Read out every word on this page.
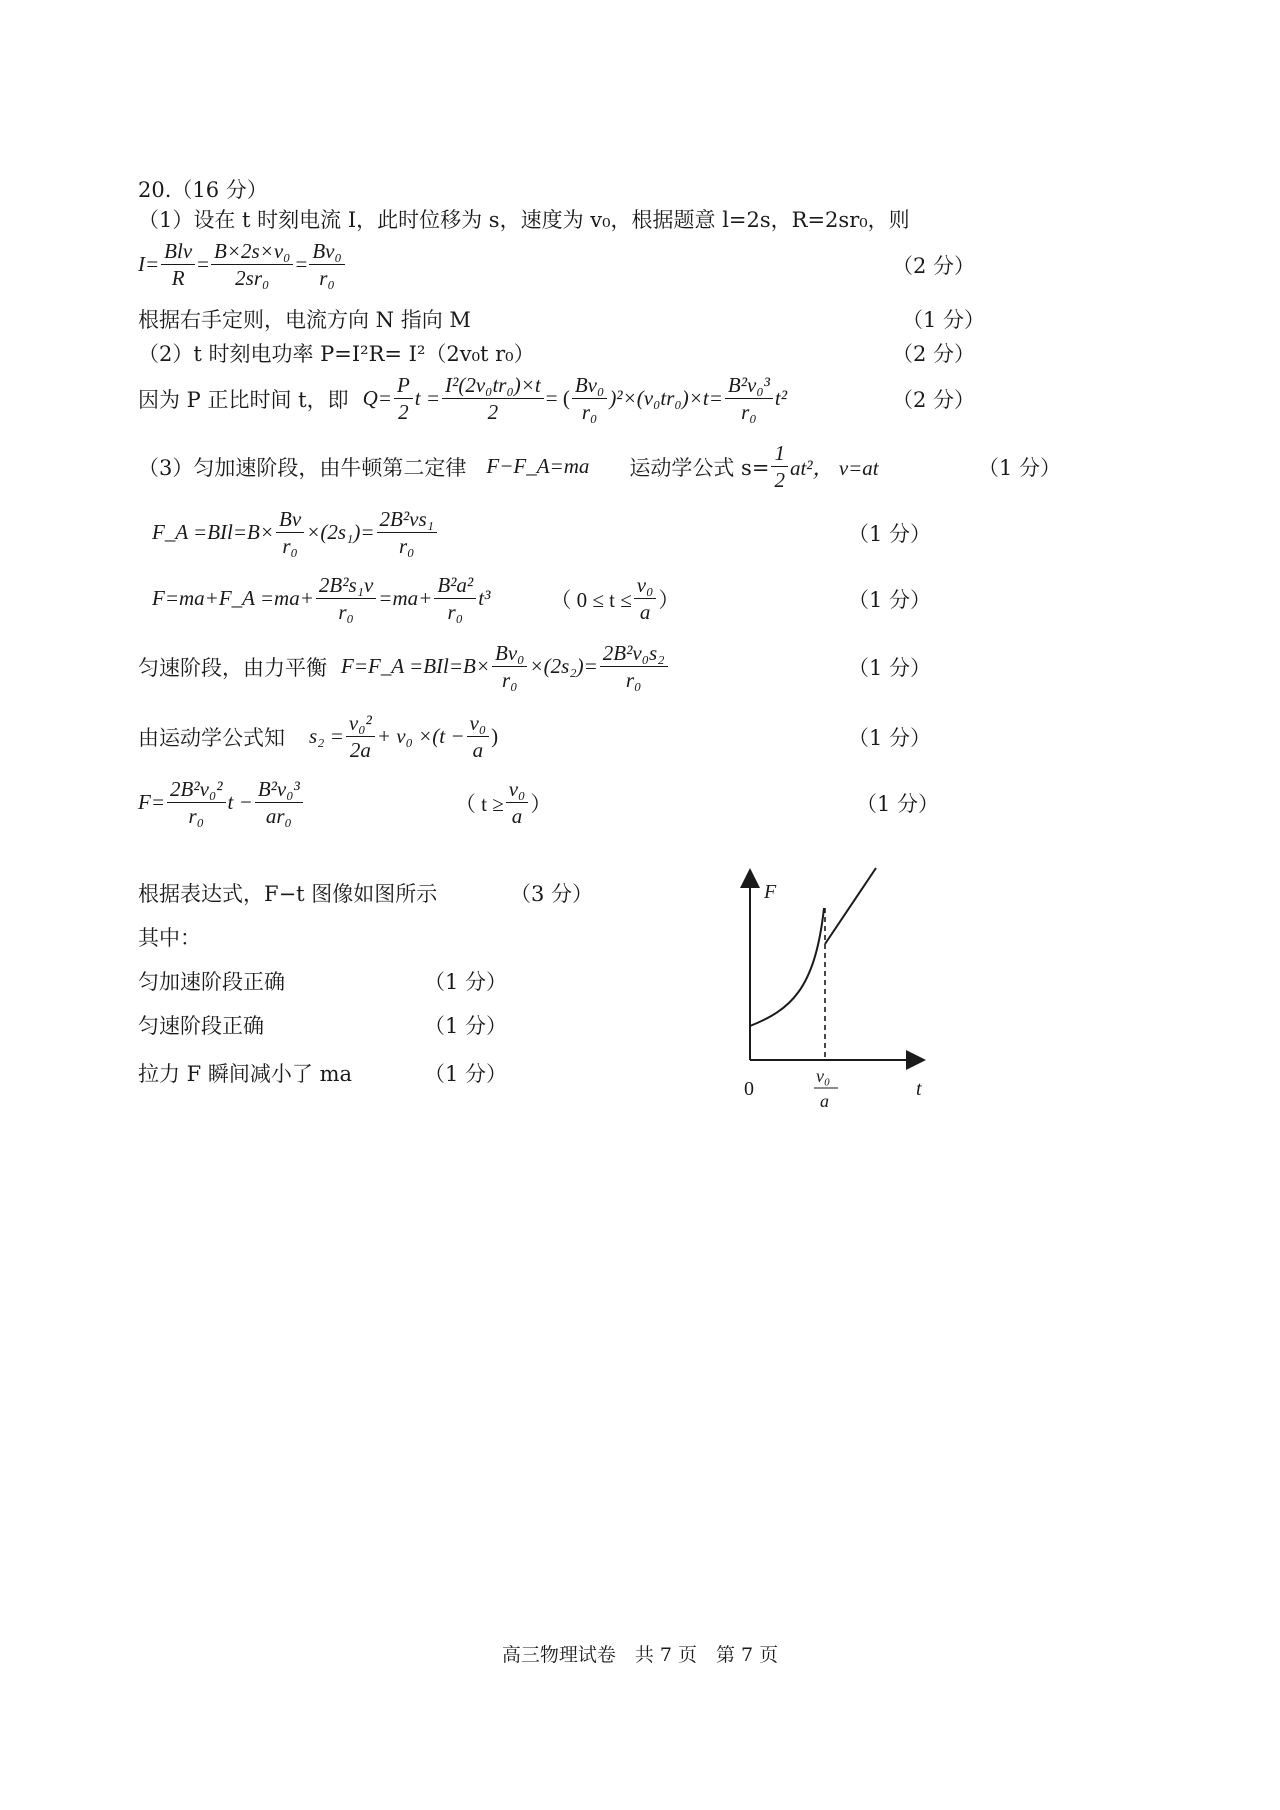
20.（16 分）
（1）设在 t 时刻电流 I，此时位移为 s，速度为 v₀，根据题意 l=2s，R=2sr₀，则
$I= \frac{\text{Blv}}{R} = \frac{\text{B×2s×v₀}}{\text{2sr₀}} = \frac{\text{Bv₀}}{\text{r₀}}$	（2 分）
根据右手定则，电流方向 N 指向 M	（1 分）
（2）t 时刻电功率 P=I²R= I²（2v₀t r₀）	（2 分）
因为 P 正比时间 t，即 $Q= \frac{P}{2}$ $t = \frac{\text{I²(2v₀tr₀)×t}}{2}$ = ( $\frac{\text{Bv₀}}{\text{r₀}} )^2\times(v_0tr_0)\times t= \frac{\text{B²v₀³}}{\text{r₀}} t^2$	（2 分）
（3）匀加速阶段，由牛顿第二定律 F−F_A=ma 运动学公式 $s= \frac{1}{2} at^2$， v=at	（1 分）
F_A $=BIl=B\times \frac{Bv}{\text{r₀}} \times(2s_1)= \frac{\text{2B²vs₁}}{\text{r₀}}$	（1 分）
F=ma+F_A $=ma+ \frac{\text{2B²s₁v}}{\text{r₀}} =ma+ \frac{\text{B²a²}}{\text{r₀}} t^3$	（ $0 \le t \le \frac{\text{v₀}}{a}$ ）	（1 分）
匀速阶段，由力平衡 F=F_A $=BIl=B\times \frac{\text{Bv₀}}{\text{r₀}} \times(2s_2)= \frac{\text{2B²v₀s₂}}{\text{r₀}}$	（1 分）
由运动学公式知 $s_2 = \frac{\text{v₀²}}{2a} + v_0 \times(t - \frac{\text{v₀}}{a}$ )	（1 分）
$F= \frac{\text{2B²v₀²}}{\text{r₀}}$ $t - \frac{\text{B²v₀³}}{\text{ar₀}}$	（ $t \ge \frac{\text{v₀}}{a}$ ）	（1 分）
根据表达式，F−t 图像如图所示	（3 分）
其中：
匀加速阶段正确	（1 分）
匀速阶段正确	（1 分）
拉力 F 瞬间减小了 ma	（1 分）
F
t
0
v₀
a
高三物理试卷　共 7 页　第 7 页
